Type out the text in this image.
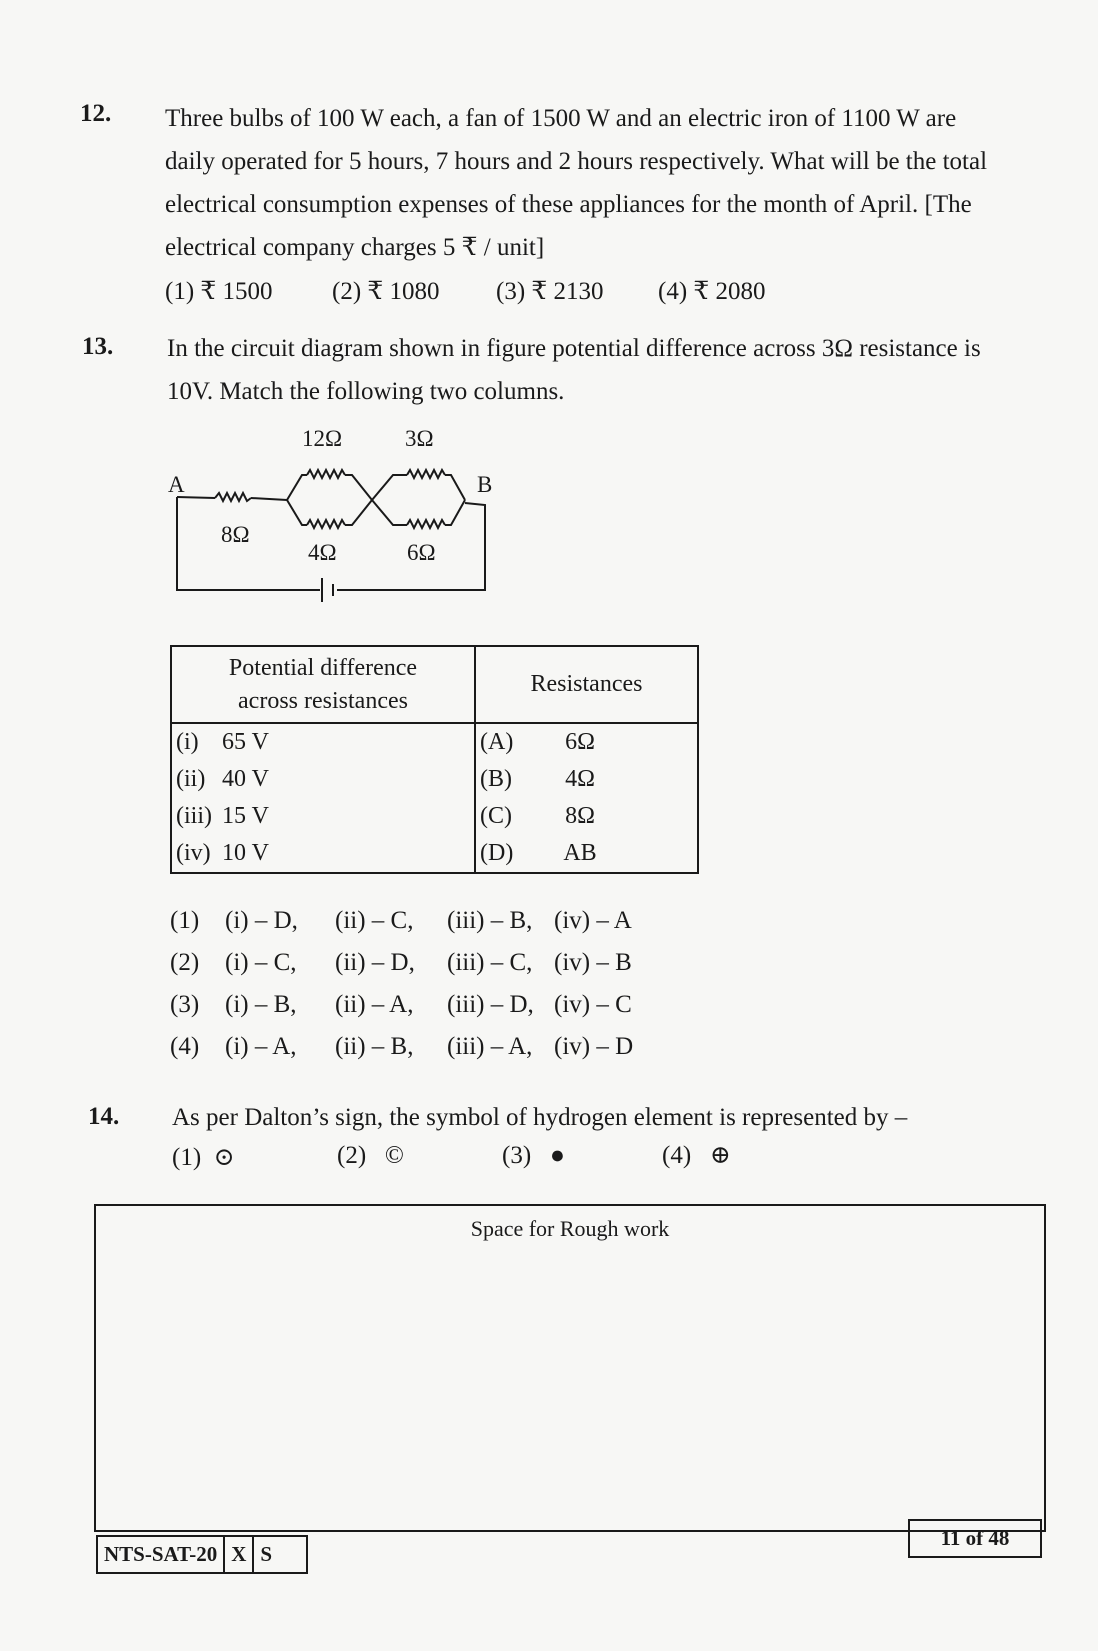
12. Three bulbs of 100 W each, a fan of 1500 W and an electric iron of 1100 W are
daily operated for 5 hours, 7 hours and 2 hours respectively. What will be the total
electrical consumption expenses of these appliances for the month of April. [The
electrical company charges 5 ₹ / unit]
(1) ₹ 1500 (2) ₹ 1080 (3) ₹ 2130 (4) ₹ 2080
13. In the circuit diagram shown in figure potential difference across 3Ω resistance is
10V. Match the following two columns.
A	B
8Ω
12Ω
4Ω
3Ω
6Ω
Potential difference
across resistances	Resistances
(i) 65 V	(A) 6Ω
(ii) 40 V	(B) 4Ω
(iii) 15 V	(C) 8Ω
(iv) 10 V	(D) AB
(1) (i) – D, (ii) – C, (iii) – B, (iv) – A
(2) (i) – C, (ii) – D, (iii) – C, (iv) – B
(3) (i) – B, (ii) – A, (iii) – D, (iv) – C
(4) (i) – A, (ii) – B, (iii) – A, (iv) – D
14. As per Dalton’s sign, the symbol of hydrogen element is represented by –
(1) ⊙	(2) ©	(3) ●	(4) ⊕
Space for Rough work
NTS-SAT-20 X S
11 of 48
